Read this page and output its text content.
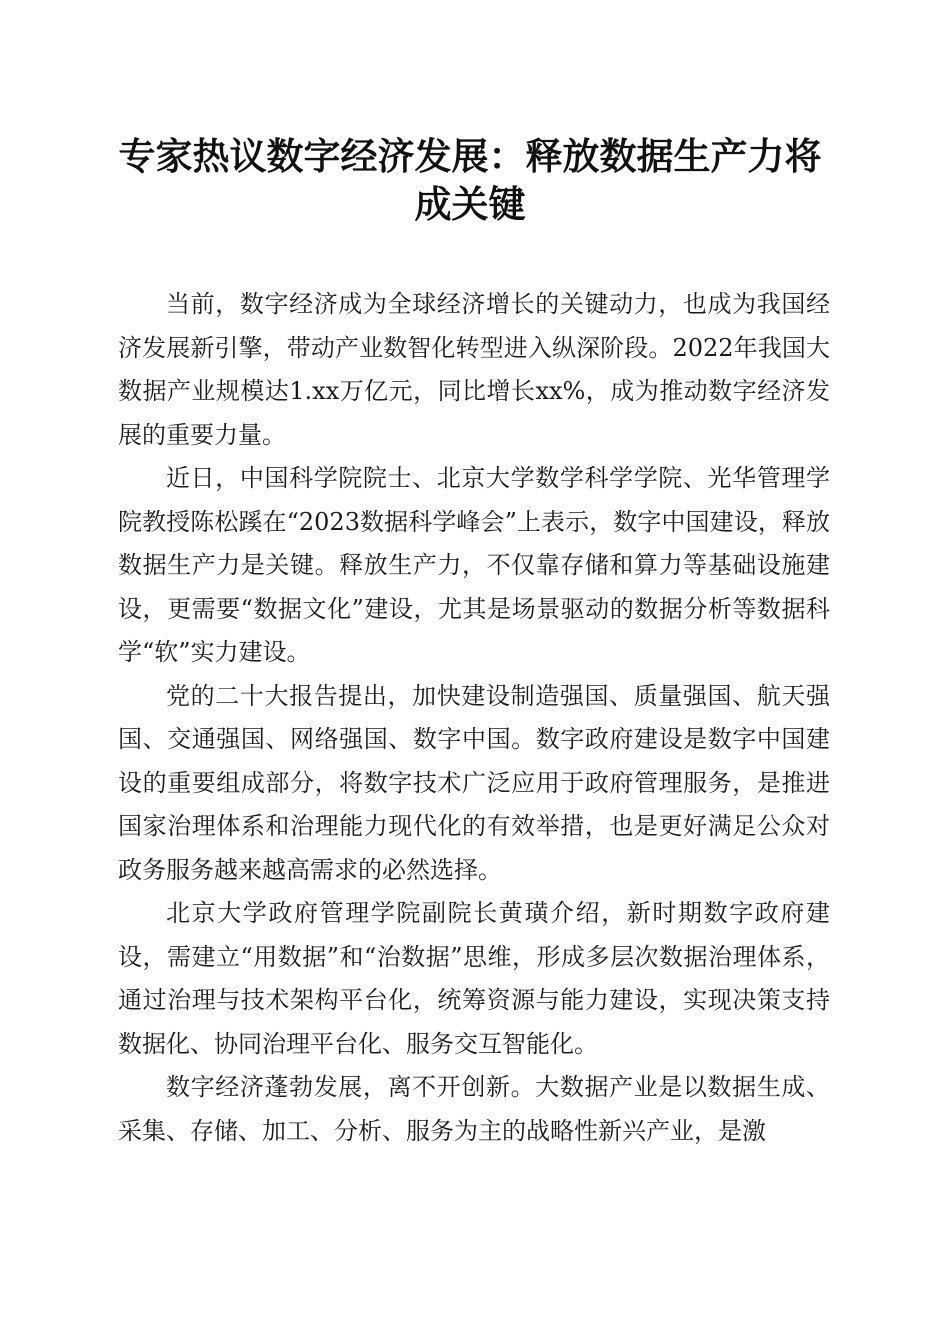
专家热议数字经济发展：释放数据生产力将成关键

当前，数字经济成为全球经济增长的关键动力，也成为我国经济发展新引擎，带动产业数智化转型进入纵深阶段。2022年我国大数据产业规模达1.xx万亿元，同比增长xx%，成为推动数字经济发展的重要力量。

近日，中国科学院院士、北京大学数学科学学院、光华管理学院教授陈松蹊在“2023数据科学峰会”上表示，数字中国建设，释放数据生产力是关键。释放生产力，不仅靠存储和算力等基础设施建设，更需要“数据文化”建设，尤其是场景驱动的数据分析等数据科学“软”实力建设。

党的二十大报告提出，加快建设制造强国、质量强国、航天强国、交通强国、网络强国、数字中国。数字政府建设是数字中国建设的重要组成部分，将数字技术广泛应用于政府管理服务，是推进国家治理体系和治理能力现代化的有效举措，也是更好满足公众对政务服务越来越高需求的必然选择。

北京大学政府管理学院副院长黄璜介绍，新时期数字政府建设，需建立“用数据”和“治数据”思维，形成多层次数据治理体系，通过治理与技术架构平台化，统筹资源与能力建设，实现决策支持数据化、协同治理平台化、服务交互智能化。

数字经济蓬勃发展，离不开创新。大数据产业是以数据生成、采集、存储、加工、分析、服务为主的战略性新兴产业，是激
